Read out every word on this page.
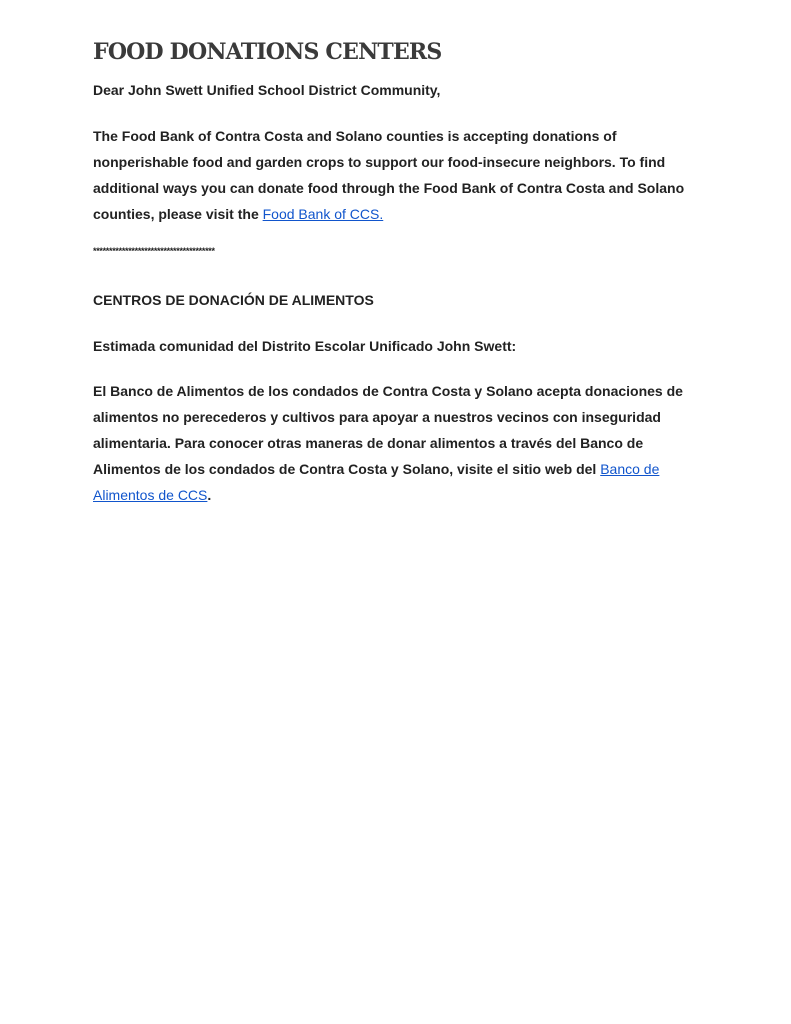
FOOD DONATIONS CENTERS

Dear John Swett Unified School District Community,

The Food Bank of Contra Costa and Solano counties is accepting donations of nonperishable food and garden crops to support our food-insecure neighbors. To find additional ways you can donate food through the Food Bank of Contra Costa and Solano counties, please visit the Food Bank of CCS.

**************************************

CENTROS DE DONACIÓN DE ALIMENTOS

Estimada comunidad del Distrito Escolar Unificado John Swett:

El Banco de Alimentos de los condados de Contra Costa y Solano acepta donaciones de alimentos no perecederos y cultivos para apoyar a nuestros vecinos con inseguridad alimentaria. Para conocer otras maneras de donar alimentos a través del Banco de Alimentos de los condados de Contra Costa y Solano, visite el sitio web del Banco de Alimentos de CCS.
